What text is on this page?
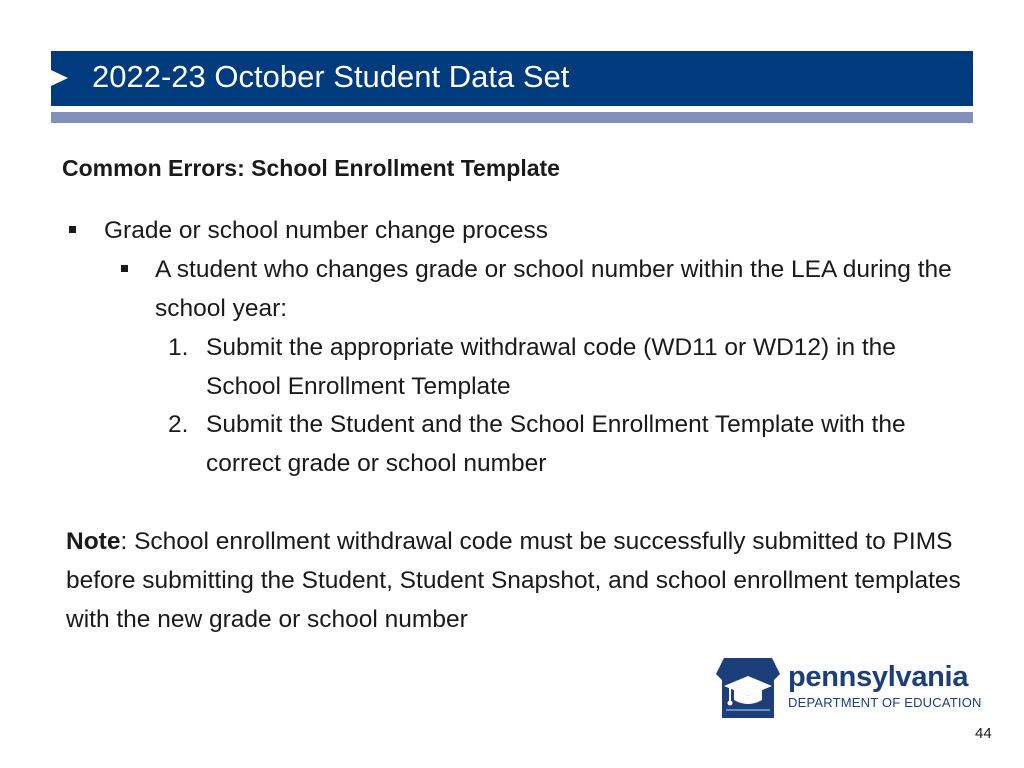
2022-23 October Student Data Set
Common Errors: School Enrollment Template
Grade or school number change process
A student who changes grade or school number within the LEA during the school year:
1. Submit the appropriate withdrawal code (WD11 or WD12) in the School Enrollment Template
2. Submit the Student and the School Enrollment Template with the correct grade or school number
Note: School enrollment withdrawal code must be successfully submitted to PIMS before submitting the Student, Student Snapshot, and school enrollment templates with the new grade or school number
pennsylvania
DEPARTMENT OF EDUCATION
44
